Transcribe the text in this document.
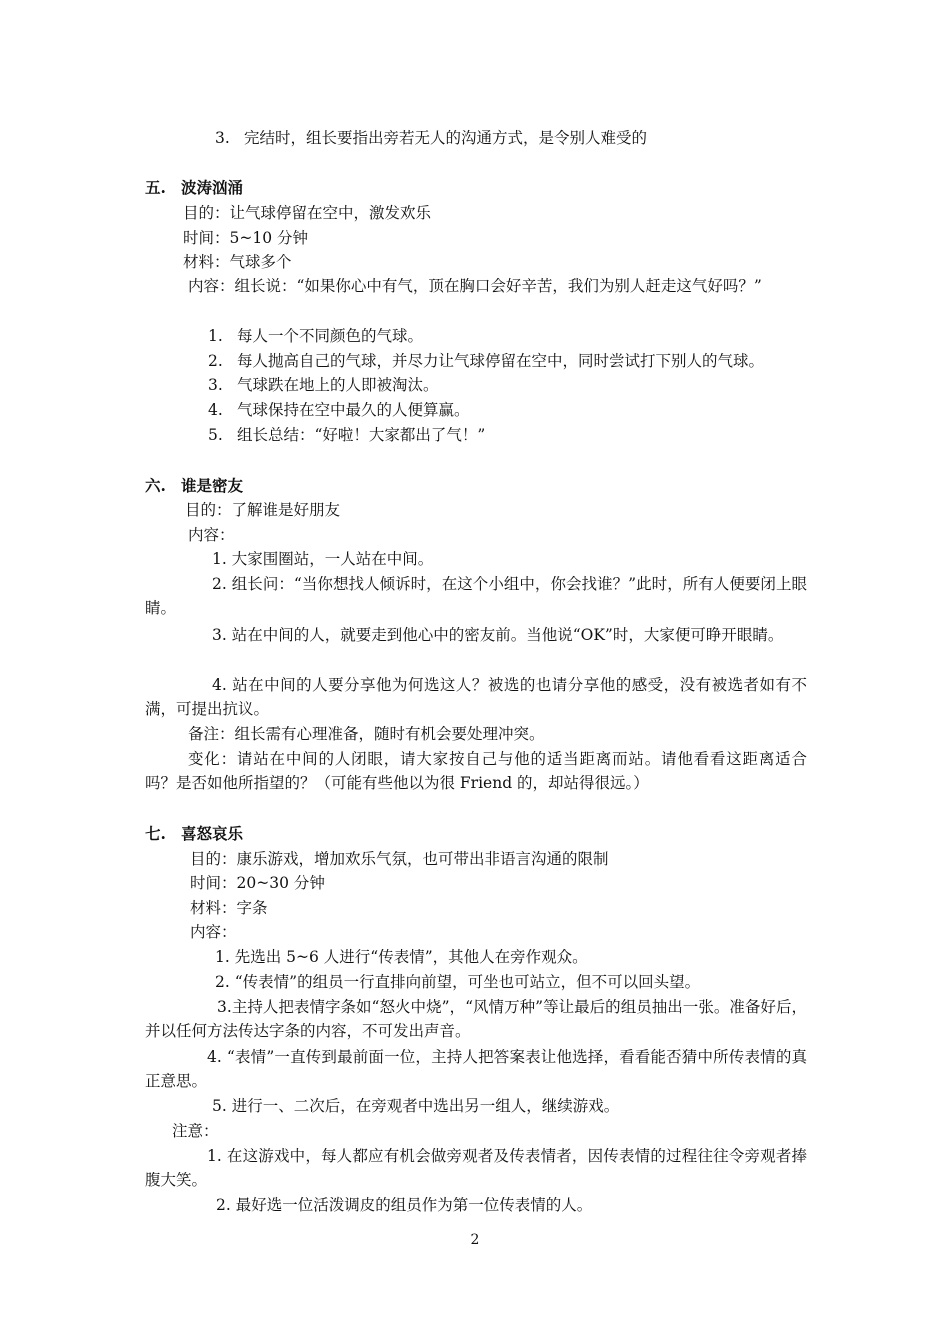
3. 完结时，组长要指出旁若无人的沟通方式，是令别人难受的
五. 波涛汹涌
目的：让气球停留在空中，激发欢乐
时间：5~10 分钟
材料：气球多个
内容：组长说：“如果你心中有气，顶在胸口会好辛苦，我们为别人赶走这气好吗？”
1. 每人一个不同颜色的气球。
2. 每人抛高自己的气球，并尽力让气球停留在空中，同时尝试打下别人的气球。
3. 气球跌在地上的人即被淘汰。
4. 气球保持在空中最久的人便算赢。
5. 组长总结：“好啦！大家都出了气！”
六. 谁是密友
目的：了解谁是好朋友
内容：
1. 大家围圈站，一人站在中间。
2. 组长问：“当你想找人倾诉时，在这个小组中，你会找谁？”此时，所有人便要闭上眼睛。
3. 站在中间的人，就要走到他心中的密友前。当他说“OK”时，大家便可睁开眼睛。
4. 站在中间的人要分享他为何选这人？被选的也请分享他的感受，没有被选者如有不满，可提出抗议。
备注：组长需有心理准备，随时有机会要处理冲突。
变化：请站在中间的人闭眼，请大家按自己与他的适当距离而站。请他看看这距离适合吗？是否如他所指望的？（可能有些他以为很 Friend 的，却站得很远。）
七. 喜怒哀乐
目的：康乐游戏，增加欢乐气氛，也可带出非语言沟通的限制
时间：20~30 分钟
材料：字条
内容：
1. 先选出 5~6 人进行“传表情”，其他人在旁作观众。
2. “传表情”的组员一行直排向前望，可坐也可站立，但不可以回头望。
3.主持人把表情字条如“怒火中烧”，“风情万种”等让最后的组员抽出一张。准备好后，并以任何方法传达字条的内容，不可发出声音。
4. “表情”一直传到最前面一位，主持人把答案表让他选择，看看能否猜中所传表情的真正意思。
5. 进行一、二次后，在旁观者中选出另一组人，继续游戏。
注意：
1. 在这游戏中，每人都应有机会做旁观者及传表情者，因传表情的过程往往令旁观者捧腹大笑。
2. 最好选一位活泼调皮的组员作为第一位传表情的人。
2
